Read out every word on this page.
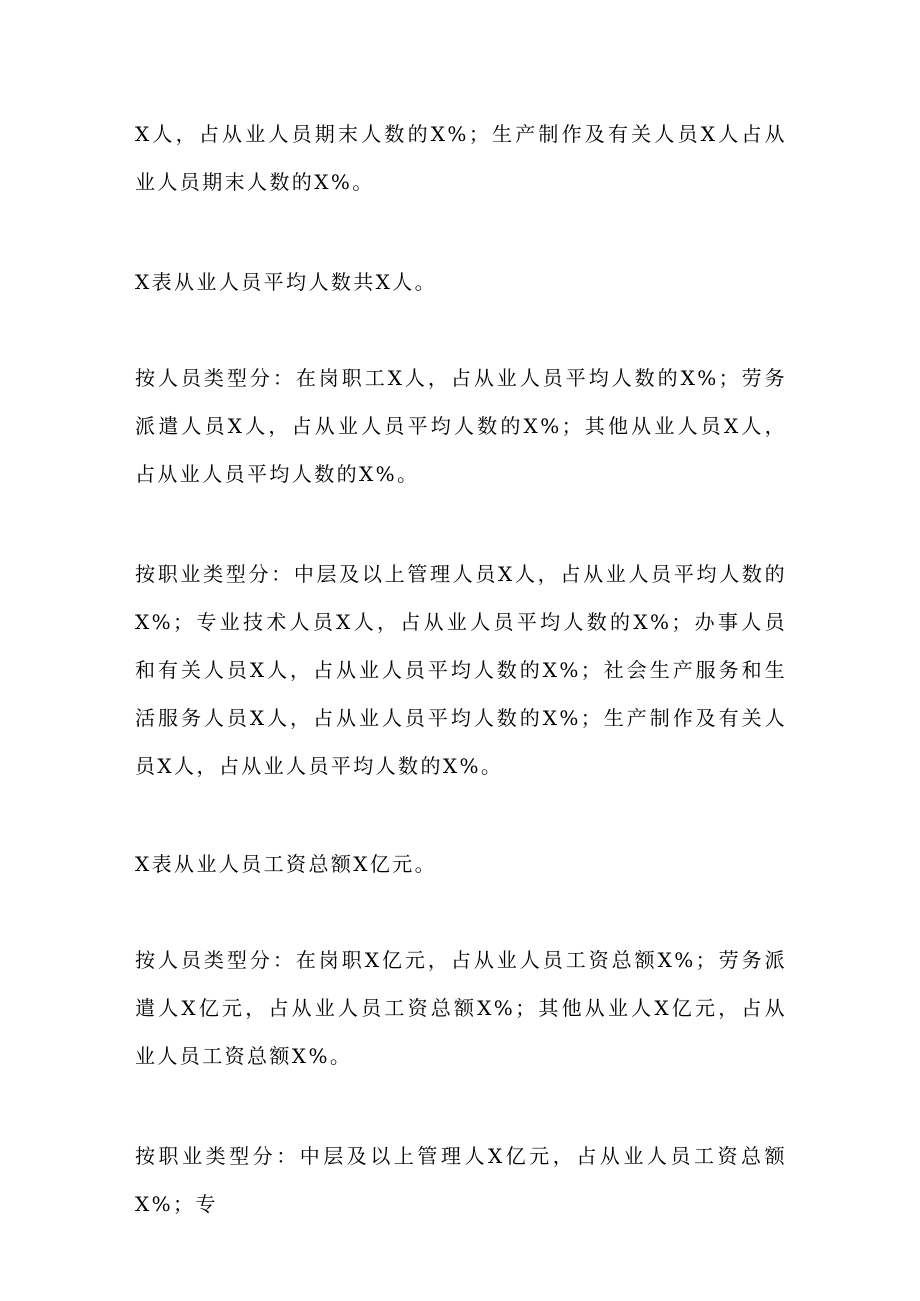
X人，占从业人员期末人数的X%；生产制作及有关人员X人占从业人员期末人数的X%。

X表从业人员平均人数共X人。

按人员类型分：在岗职工X人，占从业人员平均人数的X%；劳务派遣人员X人，占从业人员平均人数的X%；其他从业人员X人，占从业人员平均人数的X%。

按职业类型分：中层及以上管理人员X人，占从业人员平均人数的X%；专业技术人员X人，占从业人员平均人数的X%；办事人员和有关人员X人，占从业人员平均人数的X%；社会生产服务和生活服务人员X人，占从业人员平均人数的X%；生产制作及有关人员X人，占从业人员平均人数的X%。

X表从业人员工资总额X亿元。

按人员类型分：在岗职X亿元，占从业人员工资总额X%；劳务派遣人X亿元，占从业人员工资总额X%；其他从业人X亿元，占从业人员工资总额X%。

按职业类型分：中层及以上管理人X亿元，占从业人员工资总额X%；专
